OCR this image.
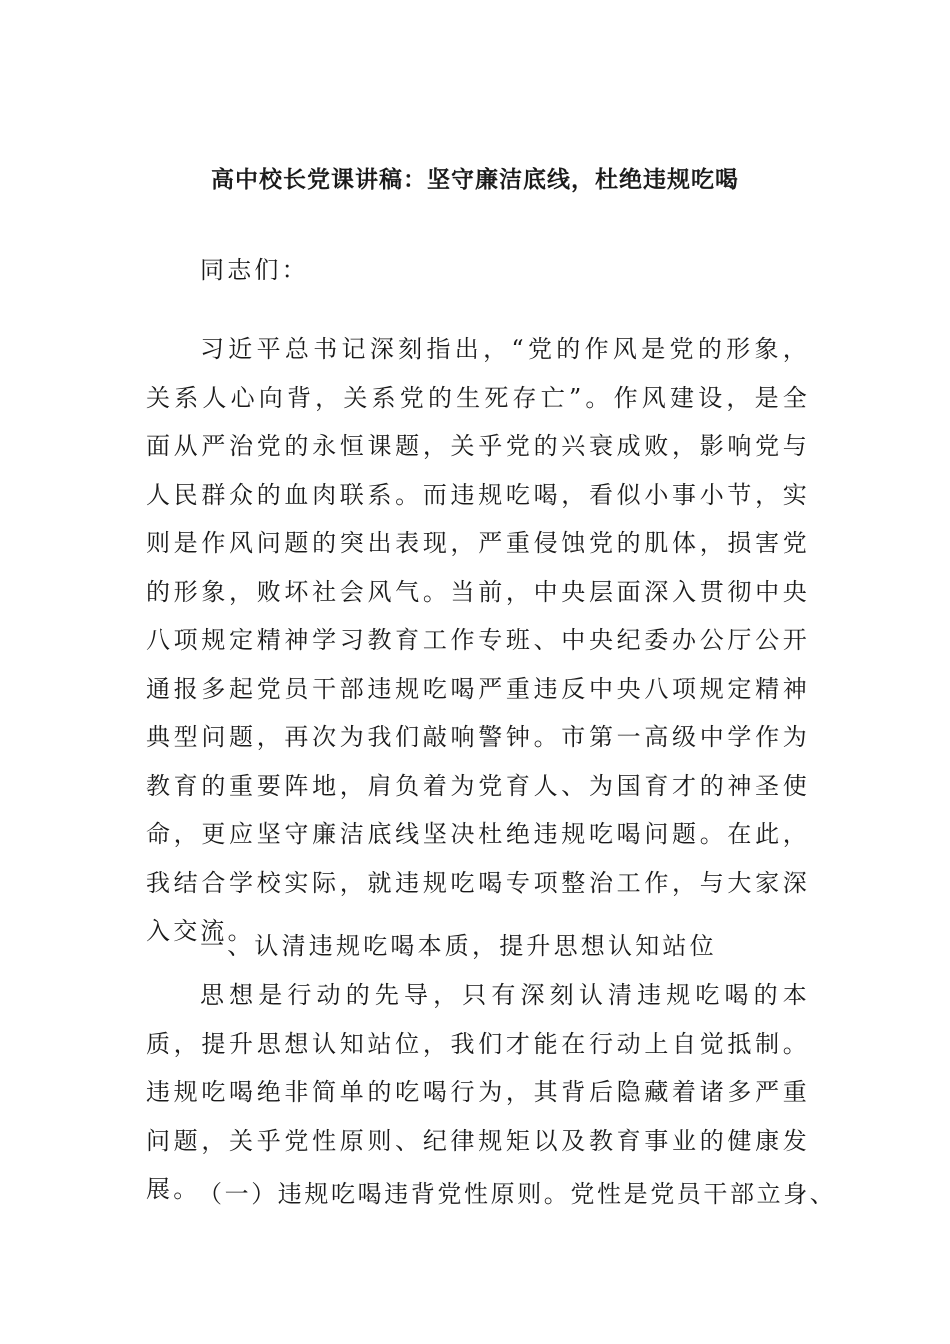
高中校长党课讲稿：坚守廉洁底线，杜绝违规吃喝

同志们：

习近平总书记深刻指出，“党的作风是党的形象，关系人心向背，关系党的生死存亡”。作风建设，是全面从严治党的永恒课题，关乎党的兴衰成败，影响党与人民群众的血肉联系。而违规吃喝，看似小事小节，实则是作风问题的突出表现，严重侵蚀党的肌体，损害党的形象，败坏社会风气。当前，中央层面深入贯彻中央八项规定精神学习教育工作专班、中央纪委办公厅公开通报多起党员干部违规吃喝严重违反中央八项规定精神典型问题，再次为我们敲响警钟。市第一高级中学作为教育的重要阵地，肩负着为党育人、为国育才的神圣使命，更应坚守廉洁底线坚决杜绝违规吃喝问题。在此，我结合学校实际，就违规吃喝专项整治工作，与大家深入交流。

一、认清违规吃喝本质，提升思想认知站位

思想是行动的先导，只有深刻认清违规吃喝的本质，提升思想认知站位，我们才能在行动上自觉抵制。违规吃喝绝非简单的吃喝行为，其背后隐藏着诸多严重问题，关乎党性原则、纪律规矩以及教育事业的健康发展。

（一）违规吃喝违背党性原则。党性是党员干部立身、
